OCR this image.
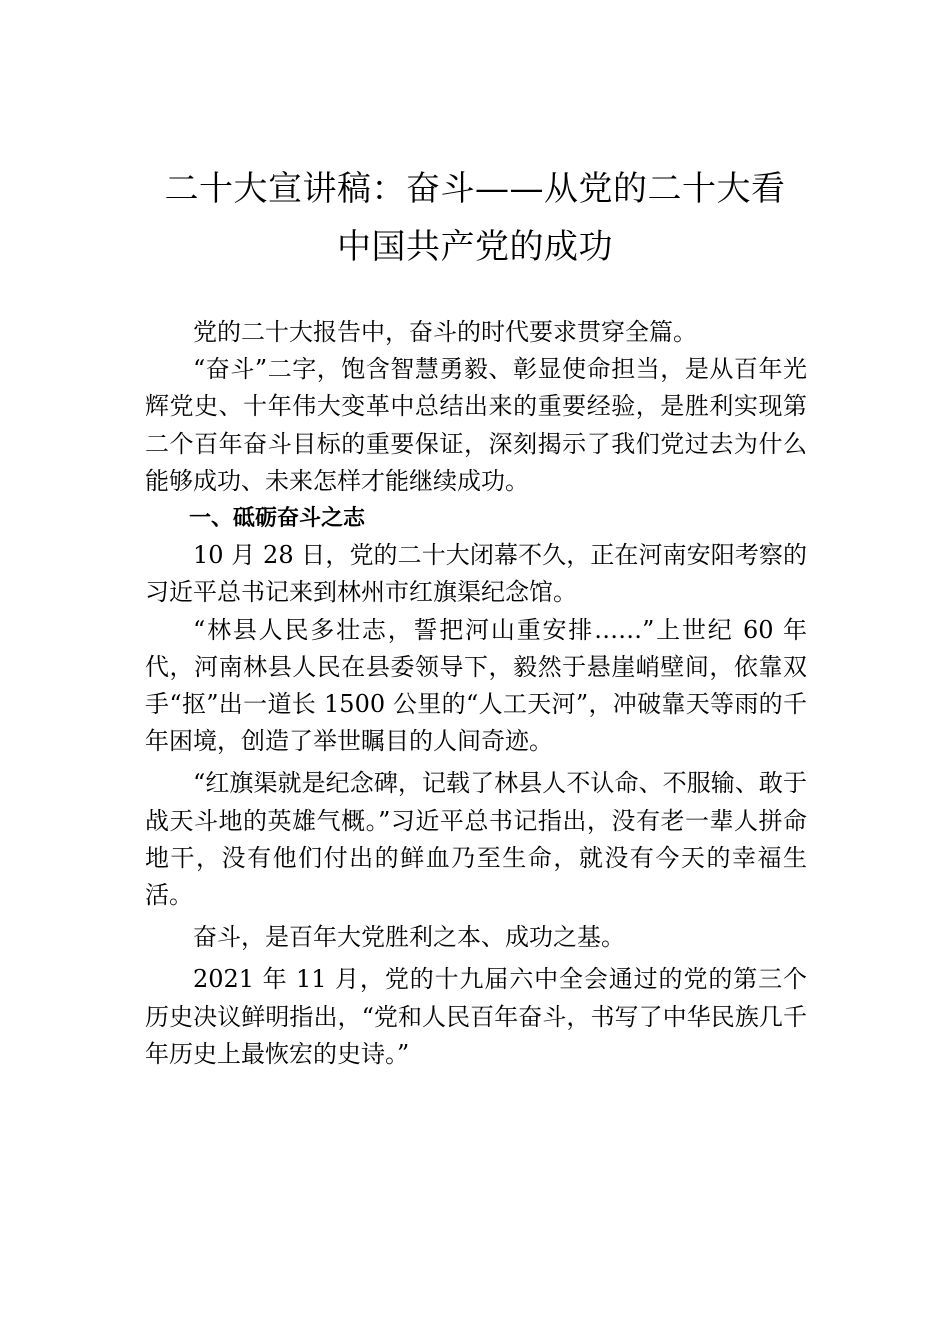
二十大宣讲稿：奋斗——从党的二十大看
中国共产党的成功

党的二十大报告中，奋斗的时代要求贯穿全篇。

“奋斗”二字，饱含智慧勇毅、彰显使命担当，是从百年光辉党史、十年伟大变革中总结出来的重要经验，是胜利实现第二个百年奋斗目标的重要保证，深刻揭示了我们党过去为什么能够成功、未来怎样才能继续成功。

一、砥砺奋斗之志

10 月 28 日，党的二十大闭幕不久，正在河南安阳考察的习近平总书记来到林州市红旗渠纪念馆。

“林县人民多壮志，誓把河山重安排……”上世纪 60 年代，河南林县人民在县委领导下，毅然于悬崖峭壁间，依靠双手“抠”出一道长 1500 公里的“人工天河”，冲破靠天等雨的千年困境，创造了举世瞩目的人间奇迹。

“红旗渠就是纪念碑，记载了林县人不认命、不服输、敢于战天斗地的英雄气概。”习近平总书记指出，没有老一辈人拼命地干，没有他们付出的鲜血乃至生命，就没有今天的幸福生活。

奋斗，是百年大党胜利之本、成功之基。

2021 年 11 月，党的十九届六中全会通过的党的第三个历史决议鲜明指出，“党和人民百年奋斗，书写了中华民族几千年历史上最恢宏的史诗。”
